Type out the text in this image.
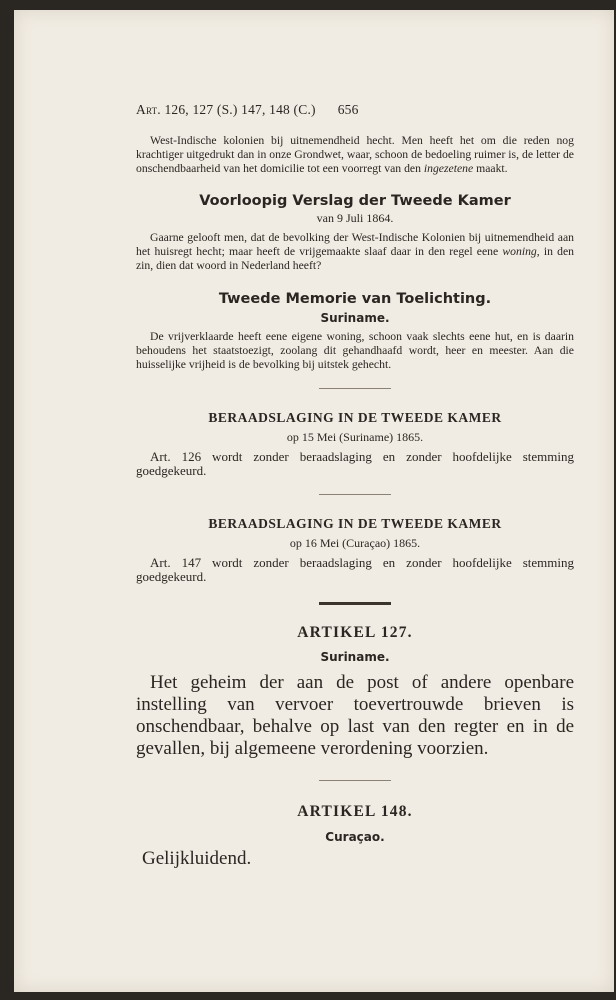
Art. 126, 127 (S.) 147, 148 (C.) 656

West-Indische kolonien bij uitnemendheid hecht. Men heeft het om die reden nog krachtiger uitgedrukt dan in onze Grondwet, waar, schoon de bedoeling ruimer is, de letter de onschendbaarheid van het domicilie tot een voorregt van den ingezetene maakt.

Voorloopig Verslag der Tweede Kamer

van 9 Juli 1864.

Gaarne gelooft men, dat de bevolking der West-Indische Kolonien bij uitnemendheid aan het huisregt hecht; maar heeft de vrijgemaakte slaaf daar in den regel eene woning, in den zin, dien dat woord in Nederland heeft?

Tweede Memorie van Toelichting.

Suriname.

De vrijverklaarde heeft eene eigene woning, schoon vaak slechts eene hut, en is daarin behoudens het staatstoezigt, zoolang dit gehandhaafd wordt, heer en meester. Aan die huisselijke vrijheid is de bevolking bij uitstek gehecht.

BERAADSLAGING IN DE TWEEDE KAMER

op 15 Mei (Suriname) 1865.

Art. 126 wordt zonder beraadslaging en zonder hoofdelijke stemming goedgekeurd.

BERAADSLAGING IN DE TWEEDE KAMER

op 16 Mei (Curaçao) 1865.

Art. 147 wordt zonder beraadslaging en zonder hoofdelijke stemming goedgekeurd.

ARTIKEL 127.

Suriname.

Het geheim der aan de post of andere openbare instelling van vervoer toevertrouwde brieven is onschendbaar, behalve op last van den regter en in de gevallen, bij algemeene verordening voorzien.

ARTIKEL 148.

Curaçao.

Gelijkluidend.
